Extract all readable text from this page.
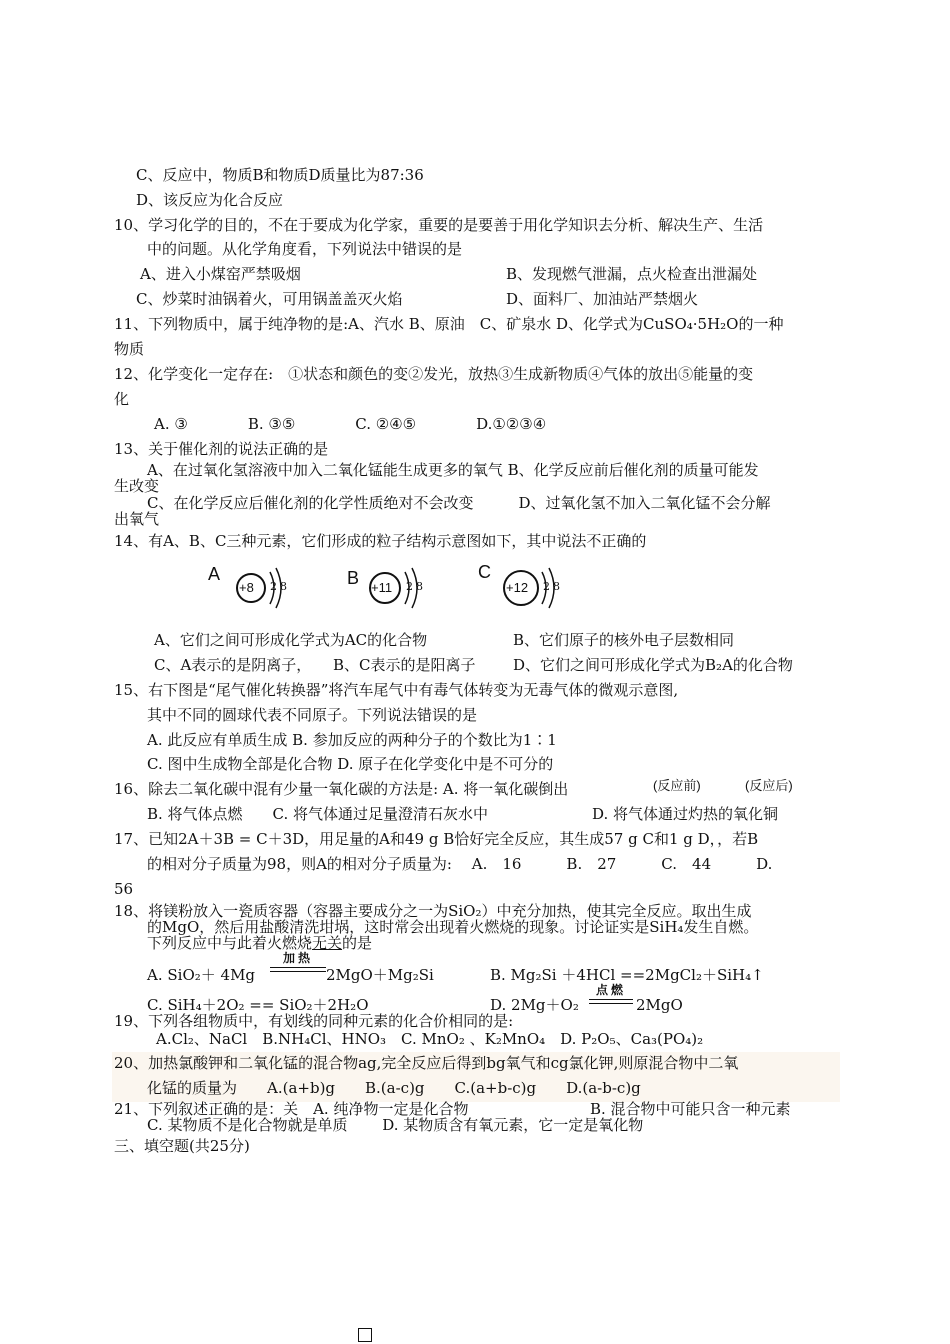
C、反应中，物质B和物质D质量比为87:36
D、该反应为化合反应
10、学习化学的目的，不在于要成为化学家，重要的是要善于用化学知识去分析、解决生产、生活
中的问题。从化学角度看，下列说法中错误的是
A、进入小煤窑严禁吸烟	B、发现燃气泄漏，点火检查出泄漏处
C、炒菜时油锅着火，可用锅盖盖灭火焰	D、面料厂、加油站严禁烟火
11、下列物质中，属于纯净物的是:A、汽水 B、原油　C、矿泉水 D、化学式为CuSO₄·5H₂O的一种
物质
12、化学变化一定存在:　①状态和颜色的变②发光，放热③生成新物质④气体的放出⑤能量的变
化
A. ③　　　　B. ③⑤　　　　C. ②④⑤　　　　D.①②③④
13、关于催化剂的说法正确的是
A、在过氧化氢溶液中加入二氧化锰能生成更多的氧气 B、化学反应前后催化剂的质量可能发
生改变
C、在化学反应后催化剂的化学性质绝对不会改变　　　D、过氧化氢不加入二氧化锰不会分解
出氧气
14、有A、B、C三种元素，它们形成的粒子结构示意图如下，其中说法不正确的
A
+8 2 8	B +11 2 8
C
+12 2 8
A、它们之间可形成化学式为AC的化合物	B、它们原子的核外电子层数相同
C、A表示的是阴离子， B、C表示的是阳离子 D、它们之间可形成化学式为B₂A的化合物
15、右下图是“尾气催化转换器”将汽车尾气中有毒气体转变为无毒气体的微观示意图,
其中不同的圆球代表不同原子。下列说法错误的是
A. 此反应有单质生成 B. 参加反应的两种分子的个数比为1∶1
C. 图中生成物全部是化合物 D. 原子在化学变化中是不可分的
16、除去二氧化碳中混有少量一氧化碳的方法是: A. 将一氧化碳倒出	(反应前)	(反应后)
B. 将气体点燃　　C. 将气体通过足量澄清石灰水中	D. 将气体通过灼热的氧化铜
17、已知2A＋3B = C＋3D，用足量的A和49 g B恰好完全反应，其生成57 g C和1 g D，，若B
的相对分子质量为98，则A的相对分子质量为:　 A.　16　　　B.　27　　　C.　44　　　D.
56
18、将镁粉放入一瓷质容器（容器主要成分之一为SiO₂）中充分加热，使其完全反应。取出生成
的MgO，然后用盐酸清洗坩埚，这时常会出现着火燃烧的现象。讨论证实是SiH₄发生自燃。
下列反应中与此着火燃烧无关的是
A. SiO₂＋ 4Mg
加热
2MgO＋Mg₂Si	B. Mg₂Si ＋4HCl ==2MgCl₂＋SiH₄↑
C. SiH₄＋2O₂ == SiO₂＋2H₂O	D. 2Mg＋O₂
点燃
2MgO
19、下列各组物质中，有划线的同种元素的化合价相同的是:
A.Cl₂、NaCl　B.NH₄Cl、HNO₃　C. MnO₂ 、K₂MnO₄　D. P₂O₅、Ca₃(PO₄)₂
20、加热氯酸钾和二氧化锰的混合物ag,完全反应后得到bg氧气和cg氯化钾,则原混合物中二氧
化锰的质量为　　A.(a+b)g　　B.(a-c)g　　C.(a+b-c)g　　D.(a-b-c)g
21、下列叙述正确的是：关　A. 纯净物一定是化合物	B. 混合物中可能只含一种元素
C. 某物质不是化合物就是单质　　 D. 某物质含有氧元素，它一定是氧化物
三、填空题(共25分)
